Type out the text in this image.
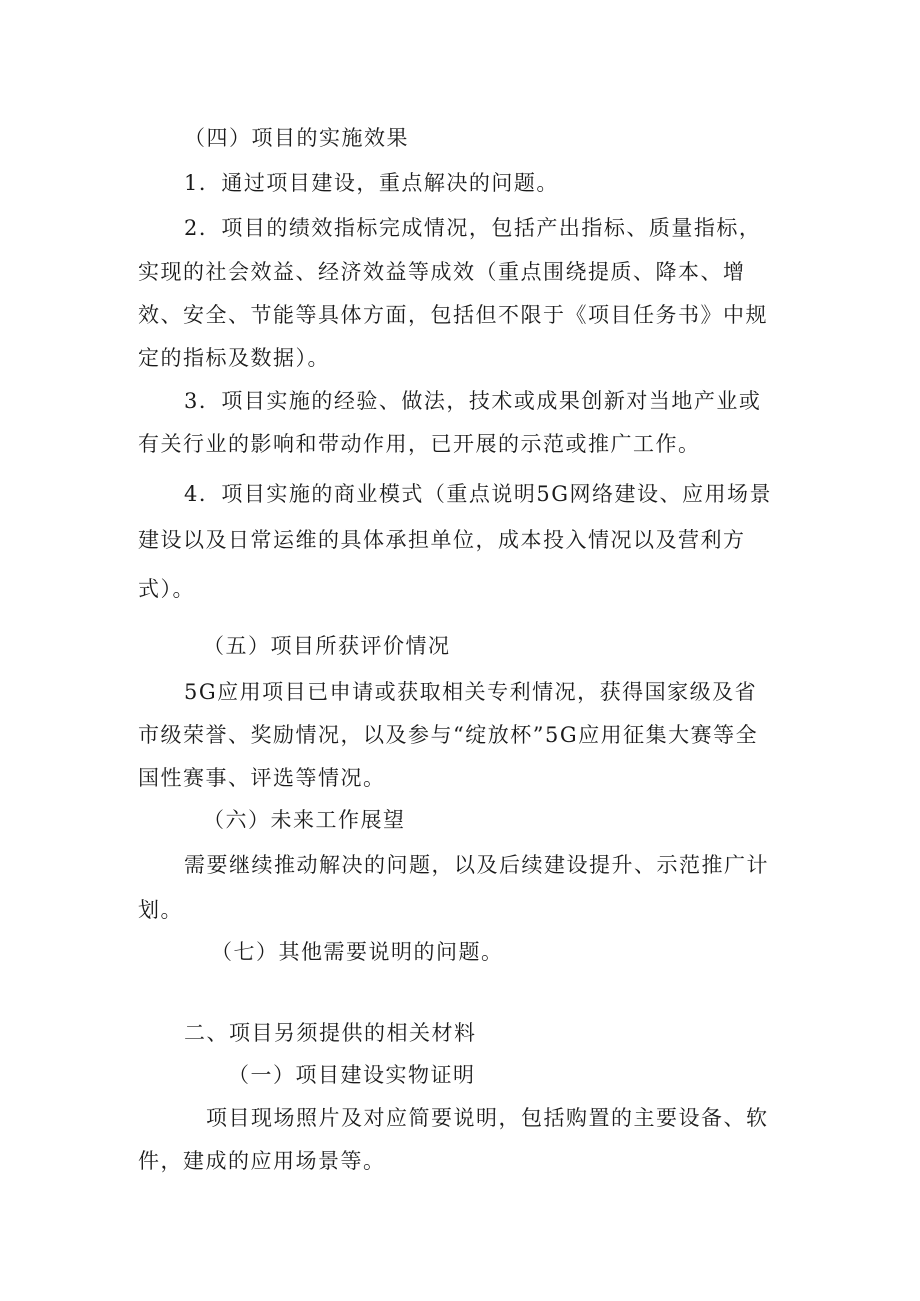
（四）项目的实施效果
1．通过项目建设，重点解决的问题。
2．项目的绩效指标完成情况，包括产出指标、质量指标，
实现的社会效益、经济效益等成效（重点围绕提质、降本、增
效、安全、节能等具体方面，包括但不限于《项目任务书》中规
定的指标及数据）。
3．项目实施的经验、做法，技术或成果创新对当地产业或
有关行业的影响和带动作用，已开展的示范或推广工作。
4．项目实施的商业模式（重点说明5G网络建设、应用场景
建设以及日常运维的具体承担单位，成本投入情况以及营利方
式）。
（五）项目所获评价情况
5G应用项目已申请或获取相关专利情况，获得国家级及省
市级荣誉、奖励情况，以及参与“绽放杯”5G应用征集大赛等全
国性赛事、评选等情况。
（六）未来工作展望
需要继续推动解决的问题，以及后续建设提升、示范推广计
划。
（七）其他需要说明的问题。
二、项目另须提供的相关材料
（一）项目建设实物证明
项目现场照片及对应简要说明，包括购置的主要设备、软
件，建成的应用场景等。
